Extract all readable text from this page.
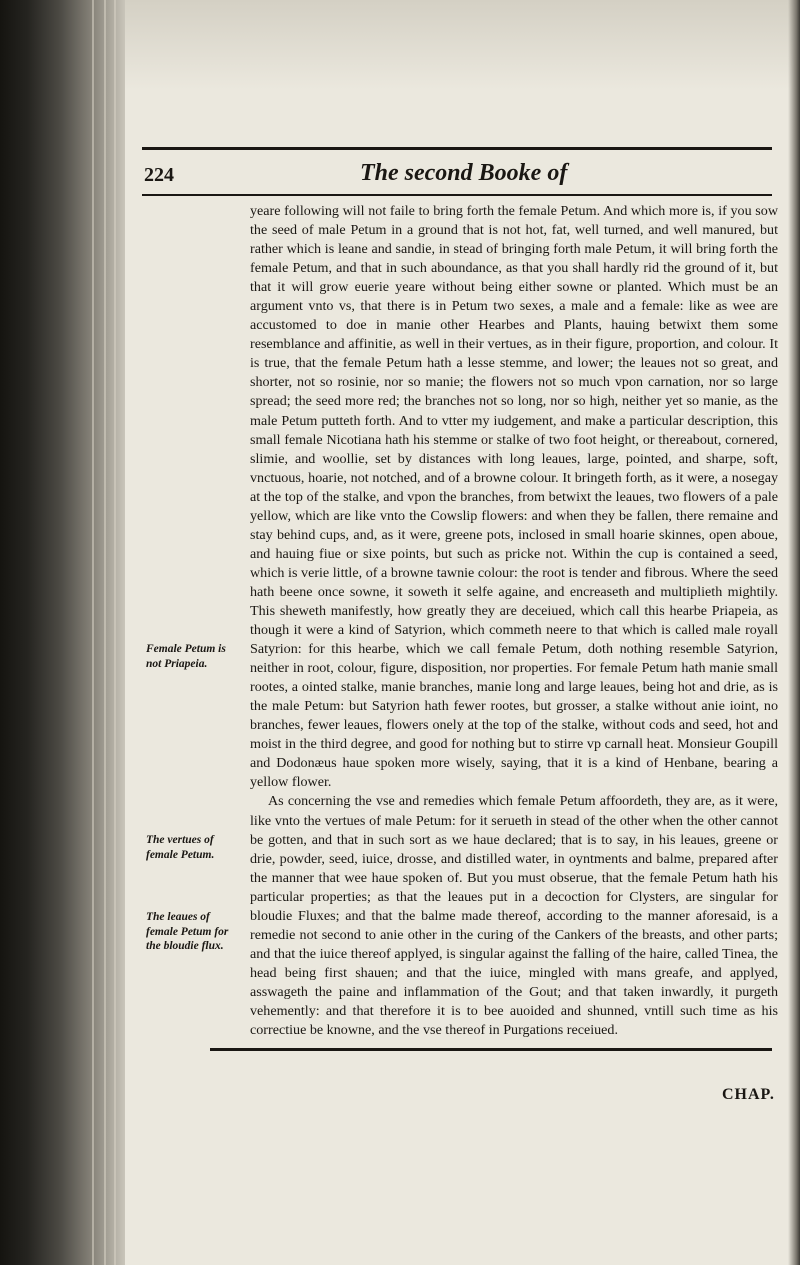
224	The second Booke of
Female Petum is not Priapeia.
The vertues of female Petum.
The leaues of female Petum for the bloudie flux.

yeare following will not faile to bring forth the female Petum. And which more is, if you sow the seed of male Petum in a ground that is not hot, fat, well turned, and well manured, but rather which is leane and sandie, in stead of bringing forth male Petum, it will bring forth the female Petum, and that in such aboundance, as that you shall hardly rid the ground of it, but that it will grow euerie yeare without being either sowne or planted. Which must be an argument vnto vs, that there is in Petum two sexes, a male and a female: like as wee are accustomed to doe in manie other Hearbes and Plants, hauing betwixt them some resemblance and affinitie, as well in their vertues, as in their figure, proportion, and colour. It is true, that the female Petum hath a lesse stemme, and lower; the leaues not so great, and shorter, not so rosinie, nor so manie; the flowers not so much vpon carnation, nor so large spread; the seed more red; the branches not so long, nor so high, neither yet so manie, as the male Petum putteth forth. And to vtter my iudgement, and make a particular description, this small female Nicotiana hath his stemme or stalke of two foot height, or thereabout, cornered, slimie, and woollie, set by distances with long leaues, large, pointed, and sharpe, soft, vnctuous, hoarie, not notched, and of a browne colour. It bringeth forth, as it were, a nosegay at the top of the stalke, and vpon the branches, from betwixt the leaues, two flowers of a pale yellow, which are like vnto the Cowslip flowers: and when they be fallen, there remaine and stay behind cups, and, as it were, greene pots, inclosed in small hoarie skinnes, open aboue, and hauing fiue or sixe points, but such as pricke not. Within the cup is contained a seed, which is verie little, of a browne tawnie colour: the root is tender and fibrous. Where the seed hath beene once sowne, it soweth it selfe againe, and encreaseth and multiplieth mightily. This sheweth manifestly, how greatly they are deceiued, which call this hearbe Priapeia, as though it were a kind of Satyrion, which commeth neere to that which is called male royall Satyrion: for this hearbe, which we call female Petum, doth nothing resemble Satyrion, neither in root, colour, figure, disposition, nor properties. For female Petum hath manie small rootes, a ointed stalke, manie branches, manie long and large leaues, being hot and drie, as is the male Petum: but Satyrion hath fewer rootes, but grosser, a stalke without anie ioint, no branches, fewer leaues, flowers onely at the top of the stalke, without cods and seed, hot and moist in the third degree, and good for nothing but to stirre vp carnall heat. Monsieur Goupill and Dodonæus haue spoken more wisely, saying, that it is a kind of Henbane, bearing a yellow flower.

As concerning the vse and remedies which female Petum affoordeth, they are, as it were, like vnto the vertues of male Petum: for it serueth in stead of the other when the other cannot be gotten, and that in such sort as we haue declared; that is to say, in his leaues, greene or drie, powder, seed, iuice, drosse, and distilled water, in oyntments and balme, prepared after the manner that wee haue spoken of. But you must obserue, that the female Petum hath his particular properties; as that the leaues put in a decoction for Clysters, are singular for bloudie Fluxes; and that the balme made thereof, according to the manner aforesaid, is a remedie not second to anie other in the curing of the Cankers of the breasts, and other parts; and that the iuice thereof applyed, is singular against the falling of the haire, called Tinea, the head being first shauen; and that the iuice, mingled with mans greafe, and applyed, asswageth the paine and inflammation of the Gout; and that taken inwardly, it purgeth vehemently: and that therefore it is to bee auoided and shunned, vntill such time as his correctiue be knowne, and the vse thereof in Purgations receiued.

CHAP.
